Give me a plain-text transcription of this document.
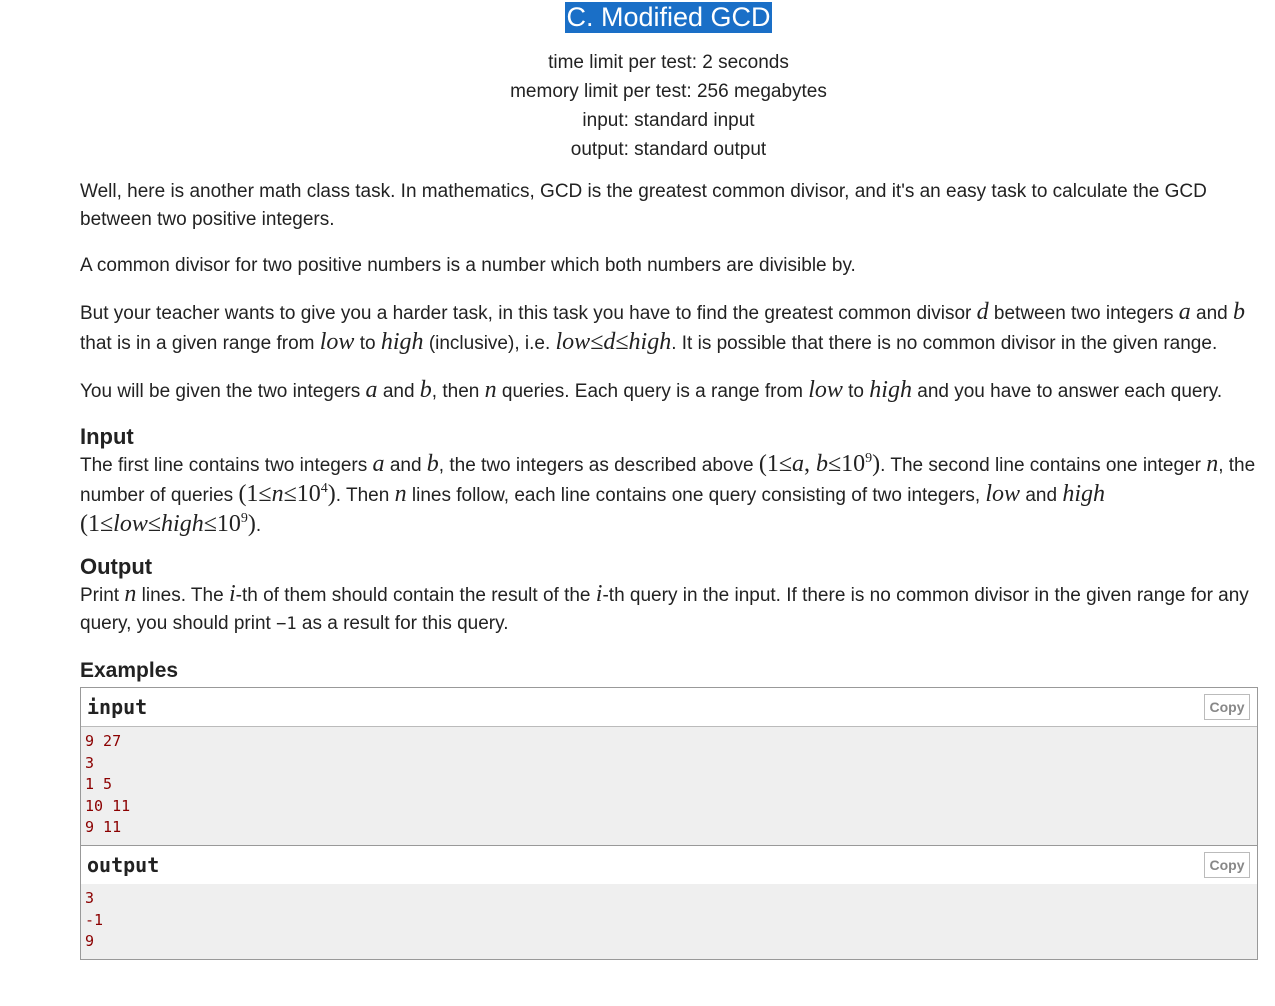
C. Modified GCD
time limit per test: 2 seconds
memory limit per test: 256 megabytes
input: standard input
output: standard output

Well, here is another math class task. In mathematics, GCD is the greatest common divisor, and it's an easy task to calculate the GCD between two positive integers.

A common divisor for two positive numbers is a number which both numbers are divisible by.

But your teacher wants to give you a harder task, in this task you have to find the greatest common divisor d between two integers a and b that is in a given range from low to high (inclusive), i.e. low≤d≤high. It is possible that there is no common divisor in the given range.

You will be given the two integers a and b, then n queries. Each query is a range from low to high and you have to answer each query.

Input

The first line contains two integers a and b, the two integers as described above (1≤a, $b\le 10^9$). The second line contains one integer n, the number of queries $(1\le n\le 10^4)$. Then n lines follow, each line contains one query consisting of two integers, low and high
$(1\le low\le high\le 10^9)$.

Output

Print n lines. The i-th of them should contain the result of the i-th query in the input. If there is no common divisor in the given range for any query, you should print −1 as a result for this query.

Examples
input	Copy
9 27
3
1 5
10 11
9 11
output	Copy
3
-1
9
